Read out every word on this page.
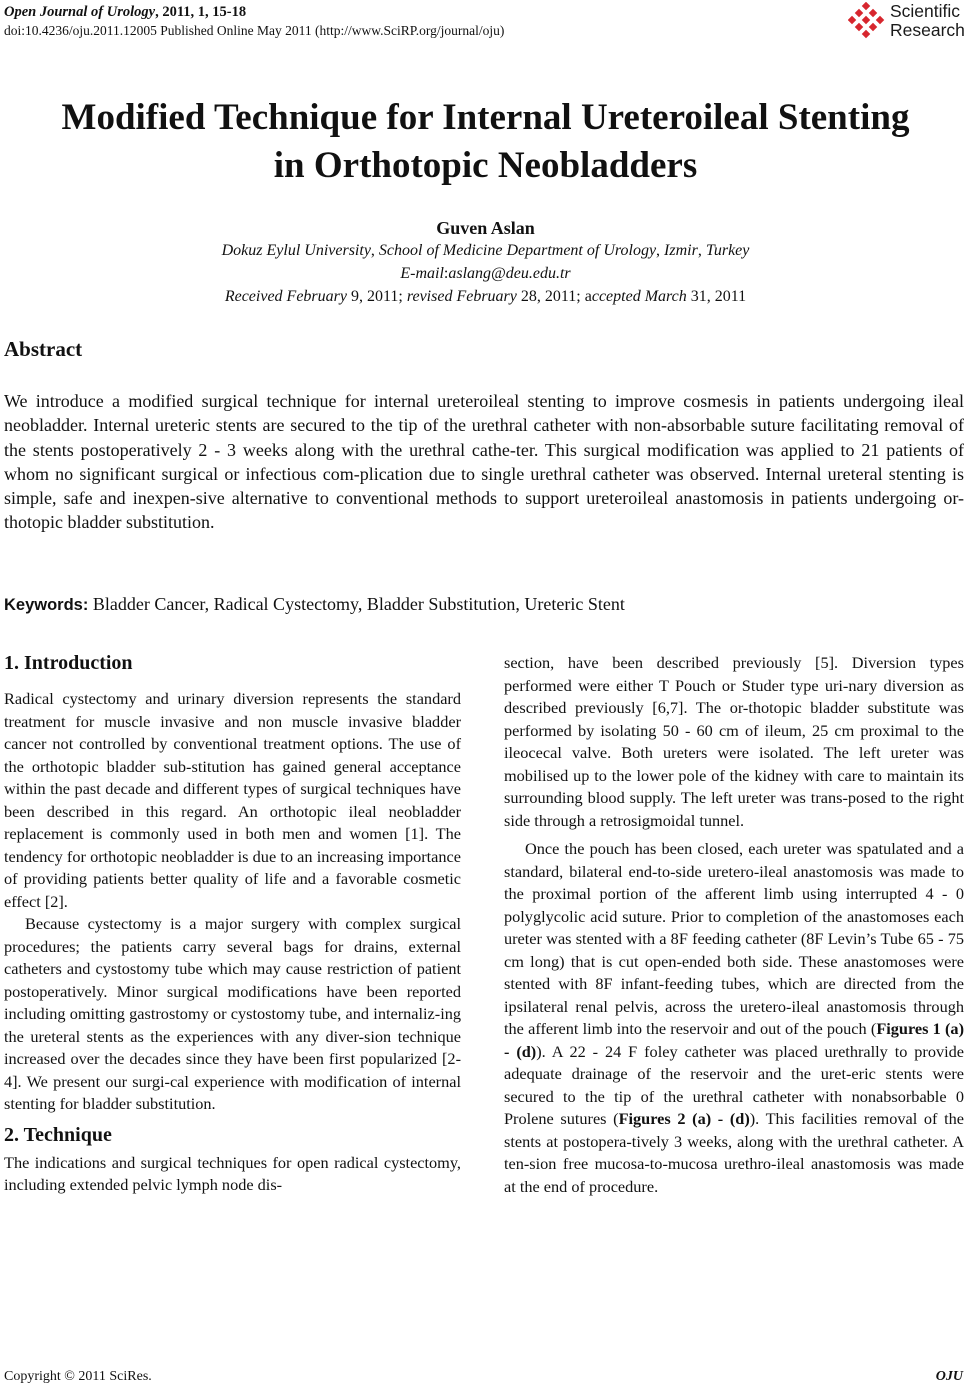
Open Journal of Urology, 2011, 1, 15-18
doi:10.4236/oju.2011.12005 Published Online May 2011 (http://www.SciRP.org/journal/oju)
Scientific
Research
Modified Technique for Internal Ureteroileal Stenting
in Orthotopic Neobladders
Guven Aslan
Dokuz Eylul University, School of Medicine Department of Urology, Izmir, Turkey
E-mail:aslang@deu.edu.tr
Received February 9, 2011; revised February 28, 2011; accepted March 31, 2011
Abstract
We introduce a modified surgical technique for internal ureteroileal stenting to improve cosmesis in patients undergoing ileal neobladder. Internal ureteric stents are secured to the tip of the urethral catheter with non-absorbable suture facilitating removal of the stents postoperatively 2 - 3 weeks along with the urethral cathe-ter. This surgical modification was applied to 21 patients of whom no significant surgical or infectious com-plication due to single urethral catheter was observed. Internal ureteral stenting is simple, safe and inexpen-sive alternative to conventional methods to support ureteroileal anastomosis in patients undergoing or-thotopic bladder substitution.
Keywords: Bladder Cancer, Radical Cystectomy, Bladder Substitution, Ureteric Stent
1. Introduction

Radical cystectomy and urinary diversion represents the standard treatment for muscle invasive and non muscle invasive bladder cancer not controlled by conventional treatment options. The use of the orthotopic bladder sub-stitution has gained general acceptance within the past decade and different types of surgical techniques have been described in this regard. An orthotopic ileal neobladder replacement is commonly used in both men and women [1]. The tendency for orthotopic neobladder is due to an increasing importance of providing patients better quality of life and a favorable cosmetic effect [2].

Because cystectomy is a major surgery with complex surgical procedures; the patients carry several bags for drains, external catheters and cystostomy tube which may cause restriction of patient postoperatively. Minor surgical modifications have been reported including omitting gastrostomy or cystostomy tube, and internaliz-ing the ureteral stents as the experiences with any diver-sion technique increased over the decades since they have been first popularized [2-4]. We present our surgi-cal experience with modification of internal stenting for bladder substitution.

2. Technique

The indications and surgical techniques for open radical cystectomy, including extended pelvic lymph node dis-

section, have been described previously [5]. Diversion types performed were either T Pouch or Studer type uri-nary diversion as described previously [6,7]. The or-thotopic bladder substitute was performed by isolating 50 - 60 cm of ileum, 25 cm proximal to the ileocecal valve. Both ureters were isolated. The left ureter was mobilised up to the lower pole of the kidney with care to maintain its surrounding blood supply. The left ureter was trans-posed to the right side through a retrosigmoidal tunnel.

Once the pouch has been closed, each ureter was spatulated and a standard, bilateral end-to-side uretero-ileal anastomosis was made to the proximal portion of the afferent limb using interrupted 4 - 0 polyglycolic acid suture. Prior to completion of the anastomoses each ureter was stented with a 8F feeding catheter (8F Levin’s Tube 65 - 75 cm long) that is cut open-ended both side. These anastomoses were stented with 8F infant-feeding tubes, which are directed from the ipsilateral renal pelvis, across the uretero-ileal anastomosis through the afferent limb into the reservoir and out of the pouch (Figures 1 (a) - (d)). A 22 - 24 F foley catheter was placed urethrally to provide adequate drainage of the reservoir and the uret-eric stents were secured to the tip of the urethral catheter with nonabsorbable 0 Prolene sutures (Figures 2 (a) - (d)). This facilities removal of the stents at postopera-tively 3 weeks, along with the urethral catheter. A ten-sion free mucosa-to-mucosa urethro-ileal anastomosis was made at the end of procedure.

Copyright © 2011 SciRes.	OJU
